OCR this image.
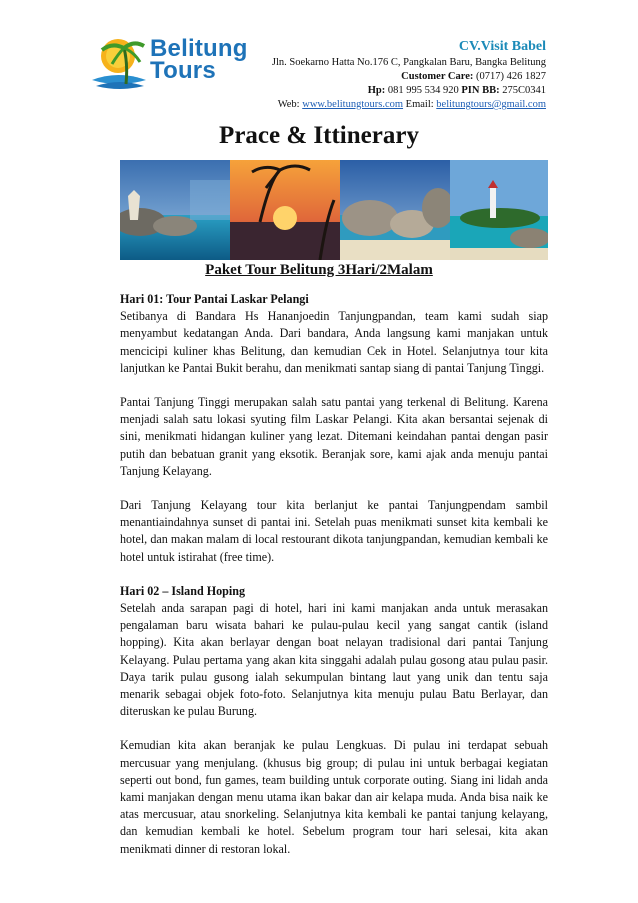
Belitung
Tours
CV.Visit Babel
Jln. Soekarno Hatta No.176 C, Pangkalan Baru, Bangka Belitung
Customer Care: (0717) 426 1827
Hp: 081 995 534 920 PIN BB: 275C0341
Web: www.belitungtours.com Email: belitungtours@gmail.com
Prace & Ittinerary
Paket Tour Belitung 3Hari/2Malam
Hari 01: Tour Pantai Laskar Pelangi

Setibanya di Bandara Hs Hananjoedin Tanjungpandan, team kami sudah siap menyambut kedatangan Anda. Dari bandara, Anda langsung kami manjakan untuk mencicipi kuliner khas Belitung, dan kemudian Cek in Hotel. Selanjutnya tour kita lanjutkan ke Pantai Bukit berahu, dan menikmati santap siang di pantai Tanjung Tinggi.

Pantai Tanjung Tinggi merupakan salah satu pantai yang terkenal di Belitung. Karena menjadi salah satu lokasi syuting film Laskar Pelangi. Kita akan bersantai sejenak di sini, menikmati hidangan kuliner yang lezat. Ditemani keindahan pantai dengan pasir putih dan bebatuan granit yang eksotik. Beranjak sore, kami ajak anda menuju pantai Tanjung Kelayang.

Dari Tanjung Kelayang tour kita berlanjut ke pantai Tanjungpendam sambil menantiaindahnya sunset di pantai ini. Setelah puas menikmati sunset kita kembali ke hotel, dan makan malam di local restourant dikota tanjungpandan, kemudian kembali ke hotel untuk istirahat (free time).

Hari 02 – Island Hoping

Setelah anda sarapan pagi di hotel, hari ini kami manjakan anda untuk merasakan pengalaman baru wisata bahari ke pulau-pulau kecil yang sangat cantik (island hopping). Kita akan berlayar dengan boat nelayan tradisional dari pantai Tanjung Kelayang. Pulau pertama yang akan kita singgahi adalah pulau gosong atau pulau pasir. Daya tarik pulau gusong ialah sekumpulan bintang laut yang unik dan tentu saja menarik sebagai objek foto-foto. Selanjutnya kita menuju pulau Batu Berlayar, dan diteruskan ke pulau Burung.

Kemudian kita akan beranjak ke pulau Lengkuas. Di pulau ini terdapat sebuah mercusuar yang menjulang. (khusus big group; di pulau ini untuk berbagai kegiatan seperti out bond, fun games, team building untuk corporate outing. Siang ini lidah anda kami manjakan dengan menu utama ikan bakar dan air kelapa muda. Anda bisa naik ke atas mercusuar, atau snorkeling. Selanjutnya kita kembali ke pantai tanjung kelayang, dan kemudian kembali ke hotel. Sebelum program tour hari selesai, kita akan menikmati dinner di restoran lokal.
